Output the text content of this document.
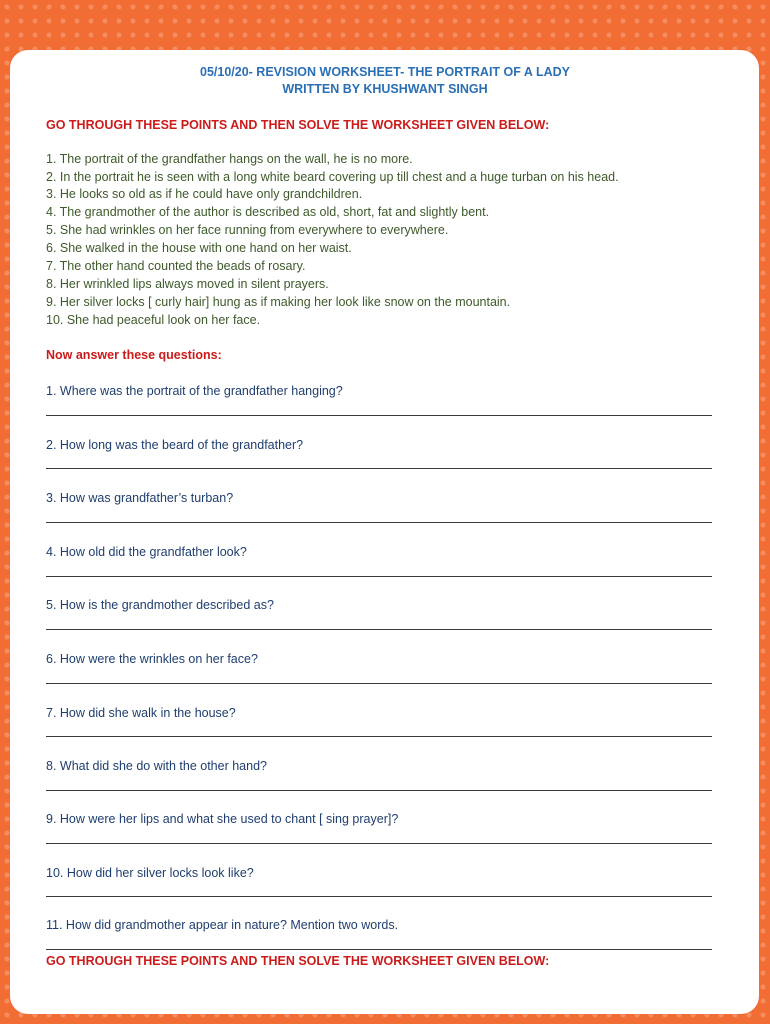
05/10/20- REVISION WORKSHEET- THE PORTRAIT OF A LADY
WRITTEN BY KHUSHWANT SINGH
GO THROUGH THESE POINTS AND THEN SOLVE THE WORKSHEET GIVEN BELOW:
1. The portrait of the grandfather hangs on the wall, he is no more.
2. In the portrait he is seen with a long white beard covering up till chest and a huge turban on his head.
3. He looks so old as if he could have only grandchildren.
4. The grandmother of the author is described as old, short, fat and slightly bent.
5. She had wrinkles on her face running from everywhere to everywhere.
6. She walked in the house with one hand on her waist.
7. The other hand counted the beads of rosary.
8. Her wrinkled lips always moved in silent prayers.
9. Her silver locks [ curly hair] hung as if making her look like snow on the mountain.
10. She had peaceful look on her face.
Now answer these questions:
1. Where was the portrait of the grandfather hanging?
2. How long was the beard of the grandfather?
3. How was grandfather’s turban?
4. How old did the grandfather look?
5. How is the grandmother described as?
6. How were the wrinkles on her face?
7. How did she walk in the house?
8. What did she do with the other hand?
9. How were her lips and what she used to chant [ sing prayer]?
10. How did her silver locks look like?
11. How did grandmother appear in nature? Mention two words.
GO THROUGH THESE POINTS AND THEN SOLVE THE WORKSHEET GIVEN BELOW:
